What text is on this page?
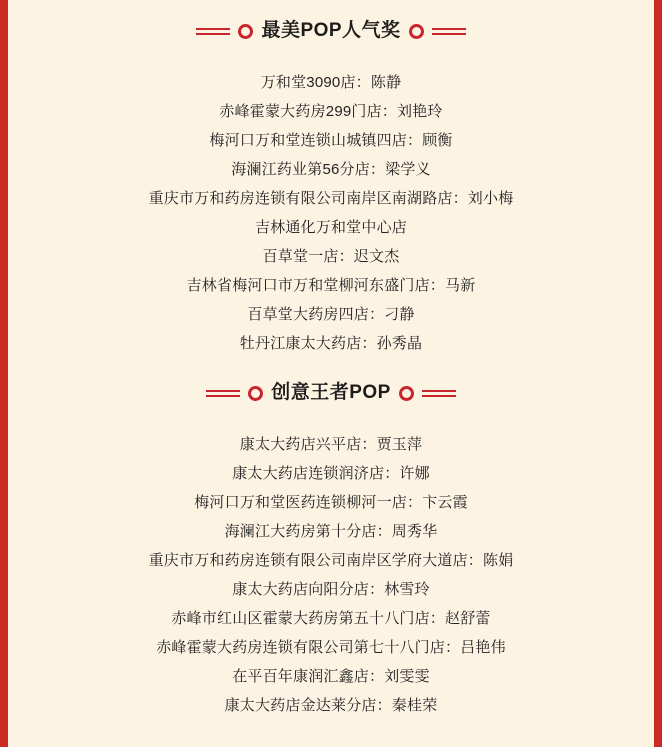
最美POP人气奖
万和堂3090店：陈静
赤峰霍蒙大药房299门店：刘艳玲
梅河口万和堂连锁山城镇四店：顾衡
海澜江药业第56分店：梁学义
重庆市万和药房连锁有限公司南岸区南湖路店：刘小梅
吉林通化万和堂中心店
百草堂一店：迟文杰
吉林省梅河口市万和堂柳河东盛门店：马新
百草堂大药房四店：刁静
牡丹江康太大药店：孙秀晶
创意王者POP
康太大药店兴平店：贾玉萍
康太大药店连锁润济店：许娜
梅河口万和堂医药连锁柳河一店：卞云霞
海澜江大药房第十分店：周秀华
重庆市万和药房连锁有限公司南岸区学府大道店：陈娟
康太大药店向阳分店：林雪玲
赤峰市红山区霍蒙大药房第五十八门店：赵舒蕾
赤峰霍蒙大药房连锁有限公司第七十八门店：吕艳伟
在平百年康润汇鑫店：刘雯雯
康太大药店金达莱分店：秦桂荣
